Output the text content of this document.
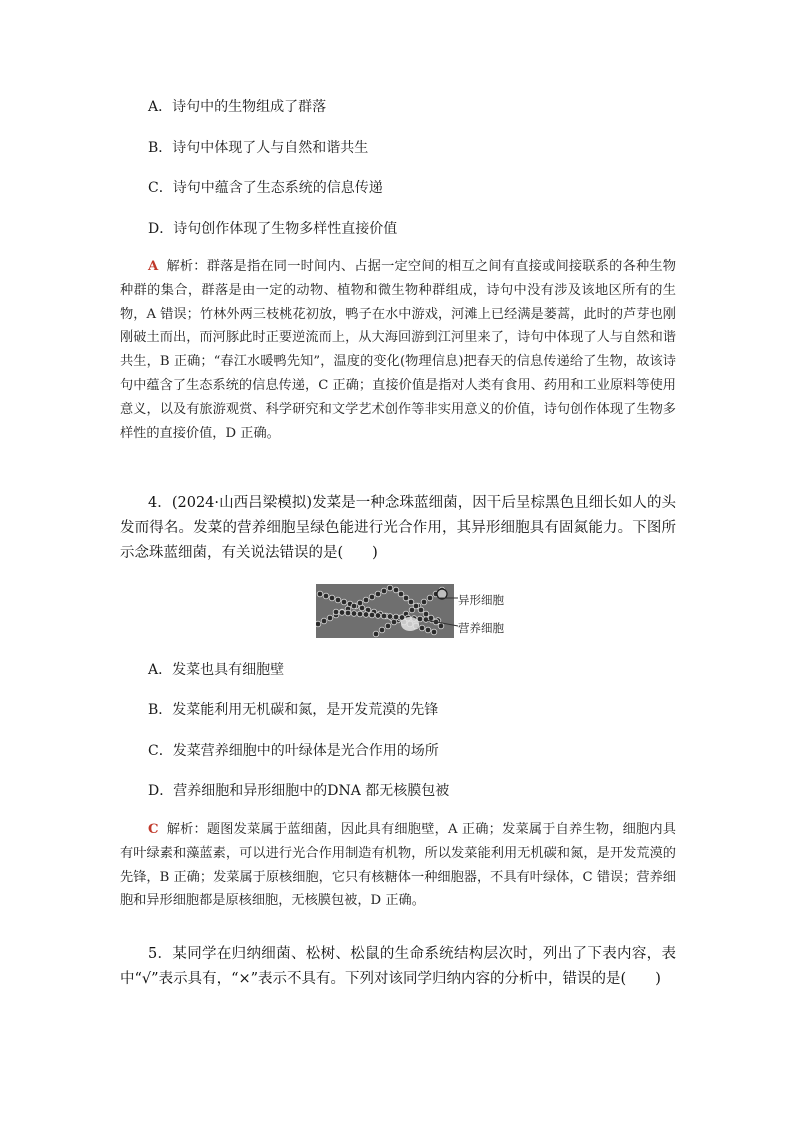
A．诗句中的生物组成了群落
B．诗句中体现了人与自然和谐共生
C．诗句中蕴含了生态系统的信息传递
D．诗句创作体现了生物多样性直接价值
A 解析：群落是指在同一时间内、占据一定空间的相互之间有直接或间接联系的各种生物种群的集合，群落是由一定的动物、植物和微生物种群组成，诗句中没有涉及该地区所有的生物，A 错误；竹林外两三枝桃花初放，鸭子在水中游戏，河滩上已经满是蒌蒿，此时的芦芽也刚刚破土而出，而河豚此时正要逆流而上，从大海回游到江河里来了，诗句中体现了人与自然和谐共生，B 正确；“春江水暖鸭先知”，温度的变化(物理信息)把春天的信息传递给了生物，故该诗句中蕴含了生态系统的信息传递，C 正确；直接价值是指对人类有食用、药用和工业原料等使用意义，以及有旅游观赏、科学研究和文学艺术创作等非实用意义的价值，诗句创作体现了生物多样性的直接价值，D 正确。
4．(2024·山西吕梁模拟)发菜是一种念珠蓝细菌，因干后呈棕黑色且细长如人的头发而得名。发菜的营养细胞呈绿色能进行光合作用，其异形细胞具有固氮能力。下图所示念珠蓝细菌，有关说法错误的是(　　)
异形细胞
营养细胞
A．发菜也具有细胞壁
B．发菜能利用无机碳和氮，是开发荒漠的先锋
C．发菜营养细胞中的叶绿体是光合作用的场所
D．营养细胞和异形细胞中的DNA 都无核膜包被
C 解析：题图发菜属于蓝细菌，因此具有细胞壁，A 正确；发菜属于自养生物，细胞内具有叶绿素和藻蓝素，可以进行光合作用制造有机物，所以发菜能利用无机碳和氮，是开发荒漠的先锋，B 正确；发菜属于原核细胞，它只有核糖体一种细胞器，不具有叶绿体，C 错误；营养细胞和异形细胞都是原核细胞，无核膜包被，D 正确。
5．某同学在归纳细菌、松树、松鼠的生命系统结构层次时，列出了下表内容，表中“√”表示具有，“×”表示不具有。下列对该同学归纳内容的分析中，错误的是(　　)
